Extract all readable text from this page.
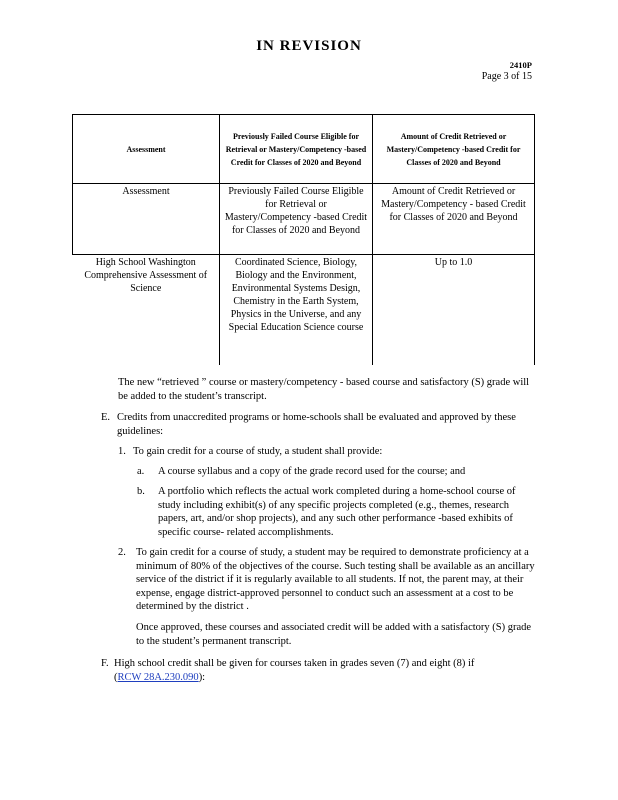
IN REVISION
2410P
Page 3 of 15
Assessment	Previously Failed Course Eligible for Retrieval or Mastery/Competency -based Credit for Classes of 2020 and Beyond	Amount of Credit Retrieved or Mastery/Competency -based Credit for Classes of 2020 and Beyond
Assessment	Previously Failed Course Eligible for Retrieval or Mastery/Competency -based Credit for Classes of 2020 and Beyond	Amount of Credit Retrieved or Mastery/Competency - based Credit for Classes of 2020 and Beyond
High School Washington Comprehensive Assessment of Science	Coordinated Science, Biology, Biology and the Environment, Environmental Systems Design, Chemistry in the Earth System, Physics in the Universe, and any Special Education Science course	Up to 1.0
The new “retrieved ” course or mastery/competency - based course and satisfactory (S) grade will be added to the student’s transcript.
E. Credits from unaccredited programs or home-schools shall be evaluated and approved by these guidelines:
1. To gain credit for a course of study, a student shall provide:
a. A course syllabus and a copy of the grade record used for the course; and
b. A portfolio which reflects the actual work completed during a home-school course of study including exhibit(s) of any specific projects completed (e.g., themes, research papers, art, and/or shop projects), and any such other performance -based exhibits of specific course- related accomplishments.
2. To gain credit for a course of study, a student may be required to demonstrate proficiency at a minimum of 80% of the objectives of the course. Such testing shall be available as an ancillary service of the district if it is regularly available to all students. If not, the parent may, at their expense, engage district-approved personnel to conduct such an assessment at a cost to be determined by the district .
Once approved, these courses and associated credit will be added with a satisfactory (S) grade to the student’s permanent transcript.
F. High school credit shall be given for courses taken in grades seven (7) and eight (8) if
(RCW 28A.230.090):
